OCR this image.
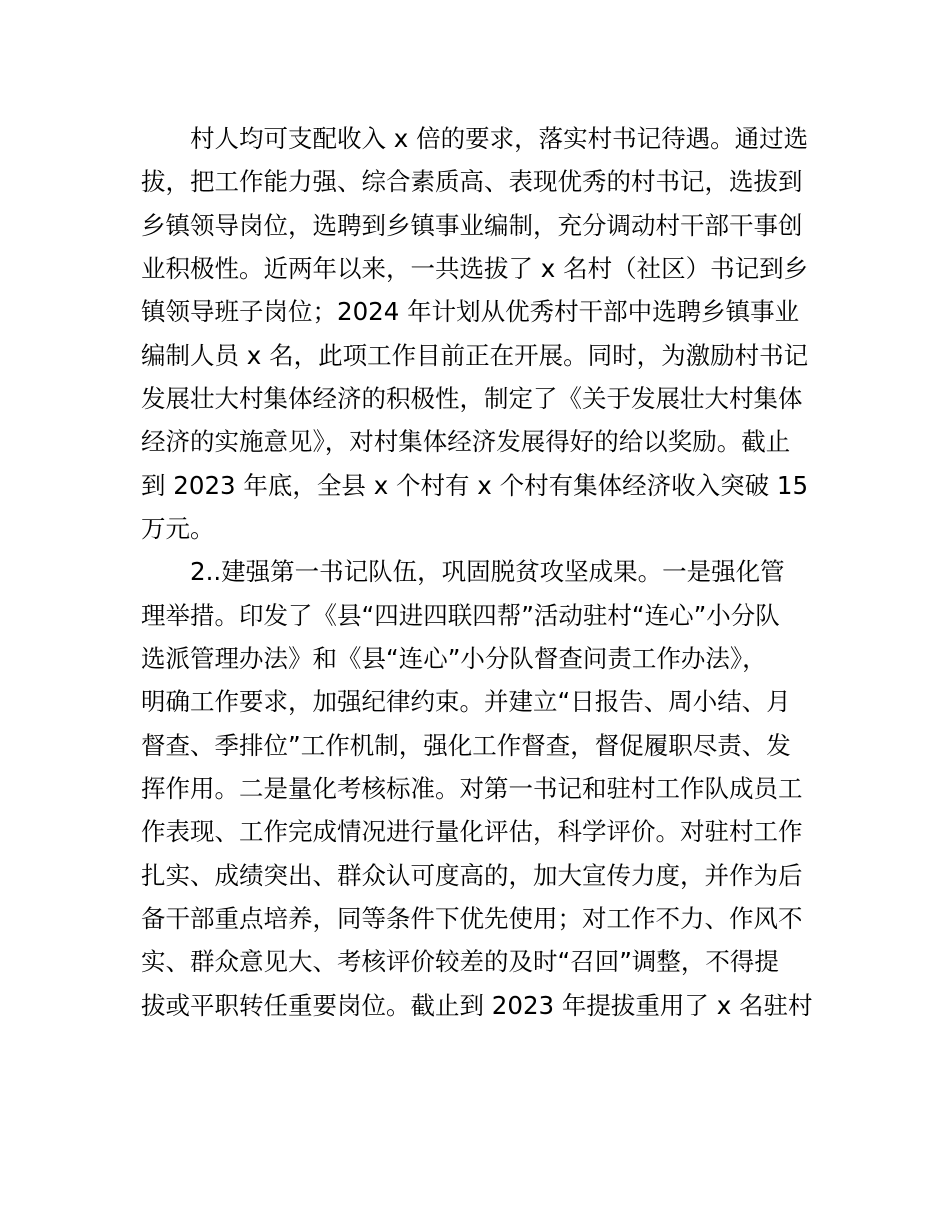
村人均可支配收入 x 倍的要求，落实村书记待遇。通过选
拔，把工作能力强、综合素质高、表现优秀的村书记，选拔到
乡镇领导岗位，选聘到乡镇事业编制，充分调动村干部干事创
业积极性。近两年以来，一共选拔了 x 名村（社区）书记到乡
镇领导班子岗位；2024 年计划从优秀村干部中选聘乡镇事业
编制人员 x 名，此项工作目前正在开展。同时，为激励村书记
发展壮大村集体经济的积极性，制定了《关于发展壮大村集体
经济的实施意见》，对村集体经济发展得好的给以奖励。截止
到 2023 年底，全县 x 个村有 x 个村有集体经济收入突破 15
万元。
2..建强第一书记队伍，巩固脱贫攻坚成果。一是强化管
理举措。印发了《县“四进四联四帮”活动驻村“连心”小分队
选派管理办法》和《县“连心”小分队督查问责工作办法》，
明确工作要求，加强纪律约束。并建立“日报告、周小结、月
督查、季排位”工作机制，强化工作督查，督促履职尽责、发
挥作用。二是量化考核标准。对第一书记和驻村工作队成员工
作表现、工作完成情况进行量化评估，科学评价。对驻村工作
扎实、成绩突出、群众认可度高的，加大宣传力度，并作为后
备干部重点培养，同等条件下优先使用；对工作不力、作风不
实、群众意见大、考核评价较差的及时“召回”调整，不得提
拔或平职转任重要岗位。截止到 2023 年提拔重用了 x 名驻村
